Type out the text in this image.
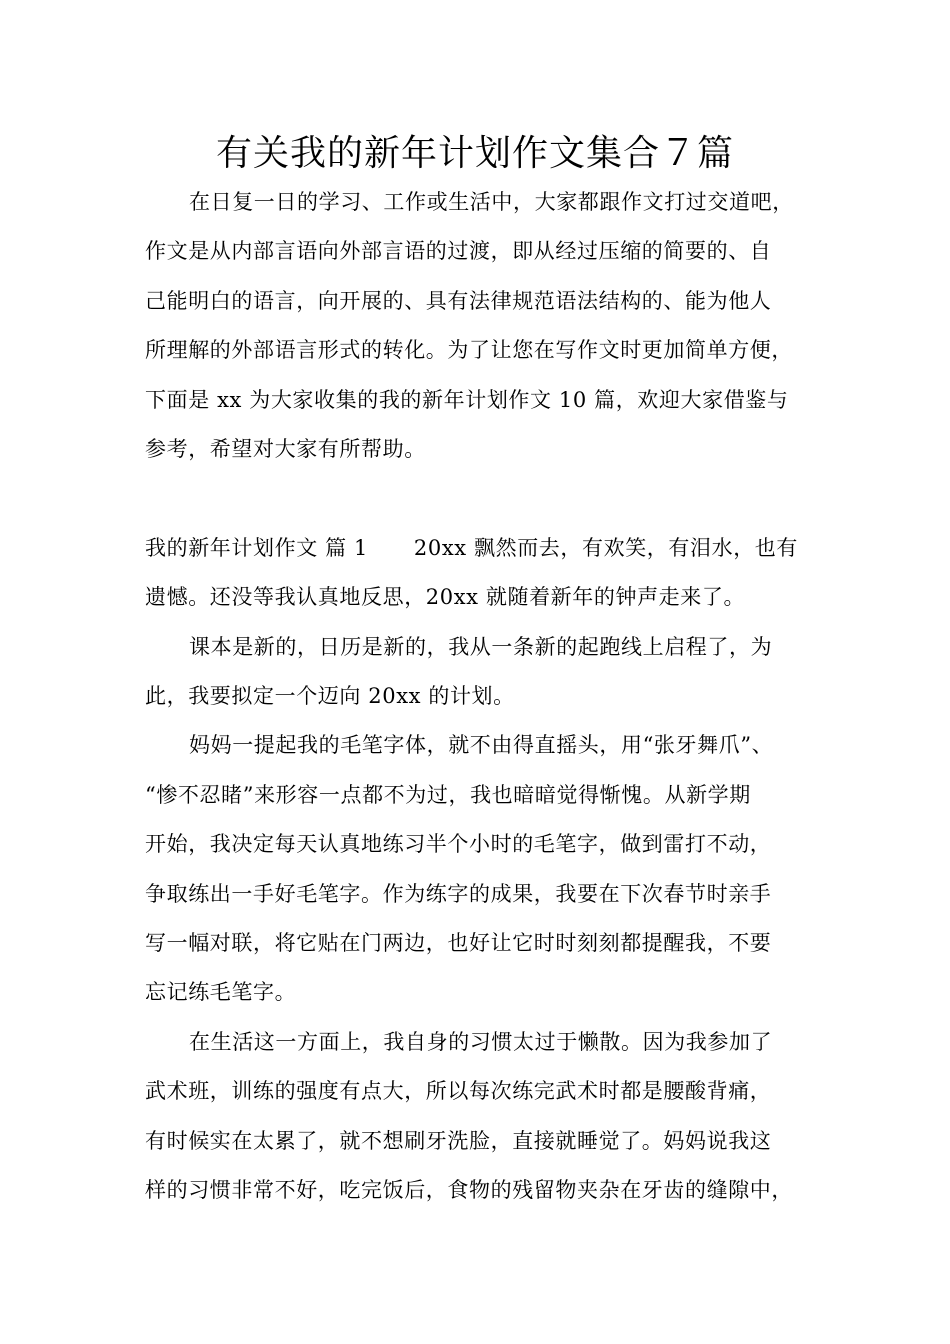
有关我的新年计划作文集合７篇

在日复一日的学习、工作或生活中，大家都跟作文打过交道吧，

作文是从内部言语向外部言语的过渡，即从经过压缩的简要的、自

己能明白的语言，向开展的、具有法律规范语法结构的、能为他人

所理解的外部语言形式的转化。为了让您在写作文时更加简单方便，

下面是 xx 为大家收集的我的新年计划作文 10 篇，欢迎大家借鉴与

参考，希望对大家有所帮助。

我的新年计划作文 篇 1 20xx 飘然而去，有欢笑，有泪水，也有

遗憾。还没等我认真地反思，20xx 就随着新年的钟声走来了。

课本是新的，日历是新的，我从一条新的起跑线上启程了，为

此，我要拟定一个迈向 20xx 的计划。

妈妈一提起我的毛笔字体，就不由得直摇头，用“张牙舞爪”、

“惨不忍睹”来形容一点都不为过，我也暗暗觉得惭愧。从新学期

开始，我决定每天认真地练习半个小时的毛笔字，做到雷打不动，

争取练出一手好毛笔字。作为练字的成果，我要在下次春节时亲手

写一幅对联，将它贴在门两边，也好让它时时刻刻都提醒我，不要

忘记练毛笔字。

在生活这一方面上，我自身的习惯太过于懒散。因为我参加了

武术班，训练的强度有点大，所以每次练完武术时都是腰酸背痛，

有时候实在太累了，就不想刷牙洗脸，直接就睡觉了。妈妈说我这

样的习惯非常不好，吃完饭后，食物的残留物夹杂在牙齿的缝隙中，
